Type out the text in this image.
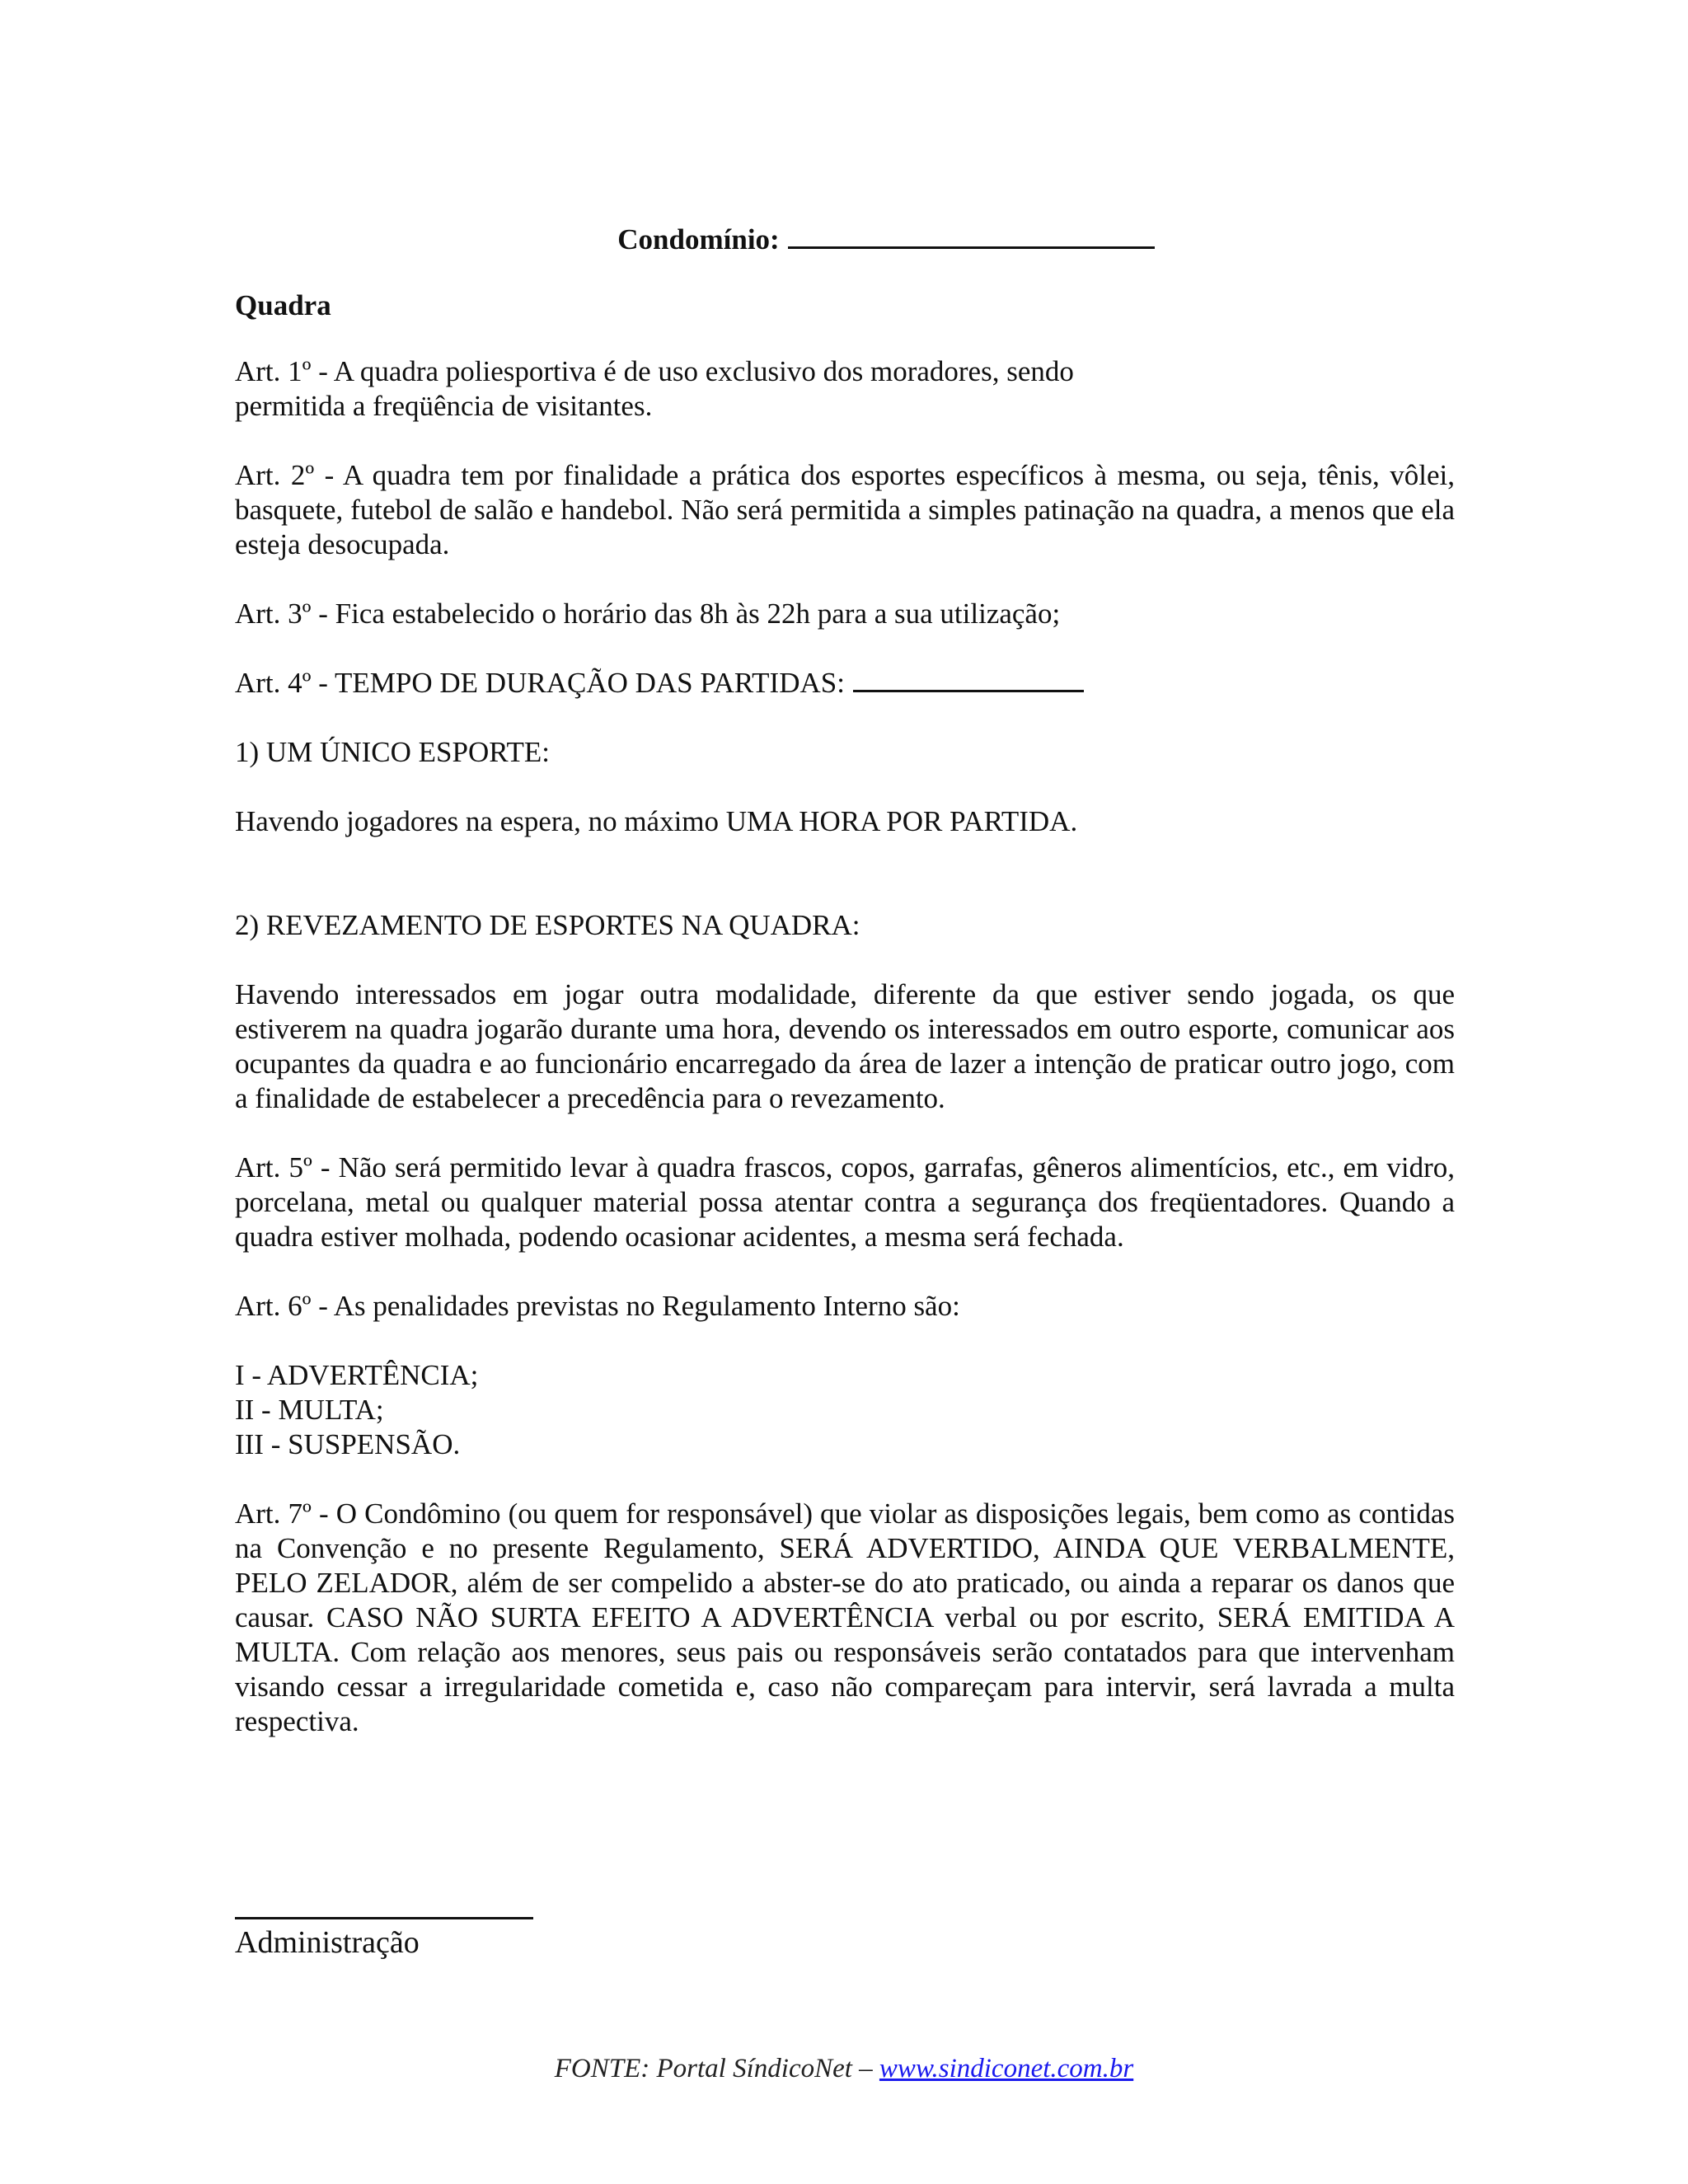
Condomínio:
Quadra

Art. 1º - A quadra poliesportiva é de uso exclusivo dos moradores, sendo permitida a freqüência de visitantes.

Art. 2º - A quadra tem por finalidade a prática dos esportes específicos à mesma, ou seja, tênis, vôlei, basquete, futebol de salão e handebol. Não será permitida a simples patinação na quadra, a menos que ela esteja desocupada.

Art. 3º - Fica estabelecido o horário das 8h às 22h para a sua utilização;

Art. 4º - TEMPO DE DURAÇÃO DAS PARTIDAS:

1) UM ÚNICO ESPORTE:

Havendo jogadores na espera, no máximo UMA HORA POR PARTIDA.

2) REVEZAMENTO DE ESPORTES NA QUADRA:

Havendo interessados em jogar outra modalidade, diferente da que estiver sendo jogada, os que estiverem na quadra jogarão durante uma hora, devendo os interessados em outro esporte, comunicar aos ocupantes da quadra e ao funcionário encarregado da área de lazer a intenção de praticar outro jogo, com a finalidade de estabelecer a precedência para o revezamento.

Art. 5º - Não será permitido levar à quadra frascos, copos, garrafas, gêneros alimentícios, etc., em vidro, porcelana, metal ou qualquer material possa atentar contra a segurança dos freqüentadores. Quando a quadra estiver molhada, podendo ocasionar acidentes, a mesma será fechada.

Art. 6º - As penalidades previstas no Regulamento Interno são:

I - ADVERTÊNCIA;
II - MULTA;
III - SUSPENSÃO.

Art. 7º - O Condômino (ou quem for responsável) que violar as disposições legais, bem como as contidas na Convenção e no presente Regulamento, SERÁ ADVERTIDO, AINDA QUE VERBALMENTE, PELO ZELADOR, além de ser compelido a abster-se do ato praticado, ou ainda a reparar os danos que causar. CASO NÃO SURTA EFEITO A ADVERTÊNCIA verbal ou por escrito, SERÁ EMITIDA A MULTA. Com relação aos menores, seus pais ou responsáveis serão contatados para que intervenham visando cessar a irregularidade cometida e, caso não compareçam para intervir, será lavrada a multa respectiva.

Administração
FONTE: Portal SíndicoNet – www.sindiconet.com.br
